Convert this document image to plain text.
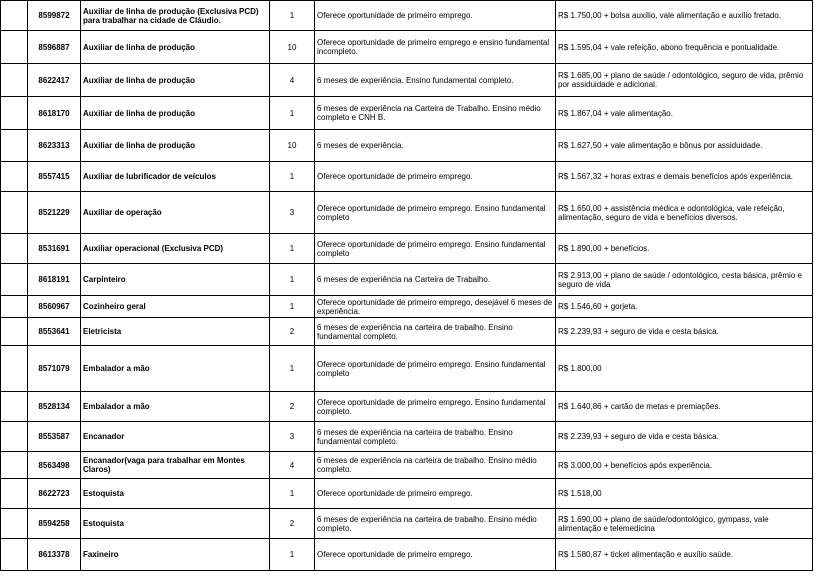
	8599872	Auxiliar de linha de produção (Exclusiva PCD) para trabalhar na cidade de Cláudio.	1	Oferece oportunidade de primeiro emprego.	R$ 1.750,00 + bolsa auxílio, vale alimentação e auxílio fretado.
	8596887	Auxiliar de linha de produção	10	Oferece oportunidade de primeiro emprego e ensino fundamental incompleto.	R$ 1.595,04 + vale refeição, abono frequência e pontualidade.
	8622417	Auxiliar de linha de produção	4	6 meses de experiência. Ensino fundamental completo.	R$ 1.685,00 + plano de saúde / odontológico, seguro de vida, prêmio por assiduidade e adicional.
	8618170	Auxiliar de linha de produção	1	6 meses de experiência na Carteira de Trabalho. Ensino médio completo e CNH B.	R$ 1.867,04 + vale alimentação.
	8623313	Auxiliar de linha de produção	10	6 meses de experiência.	R$ 1.627,50 + vale alimentação e bônus por assiduidade.
	8557415	Auxiliar de lubrificador de veículos	1	Oferece oportunidade de primeiro emprego.	R$ 1.567,32 + horas extras e demais benefícios após experiência.
	8521229	Auxiliar de operação	3	Oferece oportunidade de primeiro emprego. Ensino fundamental completo	R$ 1.650,00 + assistência médica e odontológica, vale refeição, alimentação, seguro de vida e benefícios diversos.
	8531691	Auxiliar operacional (Exclusiva PCD)	1	Oferece oportunidade de primeiro emprego. Ensino fundamental completo	R$ 1.890,00 + benefícios.
	8618191	Carpinteiro	1	6 meses de experiência na Carteira de Trabalho.	R$ 2.913,00 + plano de saúde / odontológico, cesta básica, prêmio e seguro de vida
	8560967	Cozinheiro geral	1	Oferece oportunidade de primeiro emprego, desejável 6 meses de experiência.	R$ 1.546,60 + gorjeta.
	8553641	Eletricista	2	6 meses de experiência na carteira de trabalho. Ensino fundamental completo.	R$ 2.239,93 + seguro de vida e cesta básica.
	8571079	Embalador a mão	1	Oferece oportunidade de primeiro emprego. Ensino fundamental completo	R$ 1.800,00
	8528134	Embalador a mão	2	Oferece oportunidade de primeiro emprego. Ensino fundamental completo.	R$ 1.640,86 + cartão de metas e premiações.
	8553587	Encanador	3	6 meses de experiência na carteira de trabalho. Ensino fundamental completo.	R$ 2.239,93 + seguro de vida e cesta básica.
	8563498	Encanador(vaga para trabalhar em Montes Claros)	4	6 meses de experiência na carteira de trabalho. Ensino médio completo.	R$ 3.000,00 + benefícios após experiência.
	8622723	Estoquista	1	Oferece oportunidade de primeiro emprego.	R$ 1.518,00
	8594258	Estoquista	2	6 meses de experiência na carteira de trabalho. Ensino médio completo.	R$ 1.690,00 + plano de saúde/odontológico, gympass, vale alimentação e telemedicina
	8613378	Faxineiro	1	Oferece oportunidade de primeiro emprego.	R$ 1.580,87 + ticket alimentação e auxílio saúde.
